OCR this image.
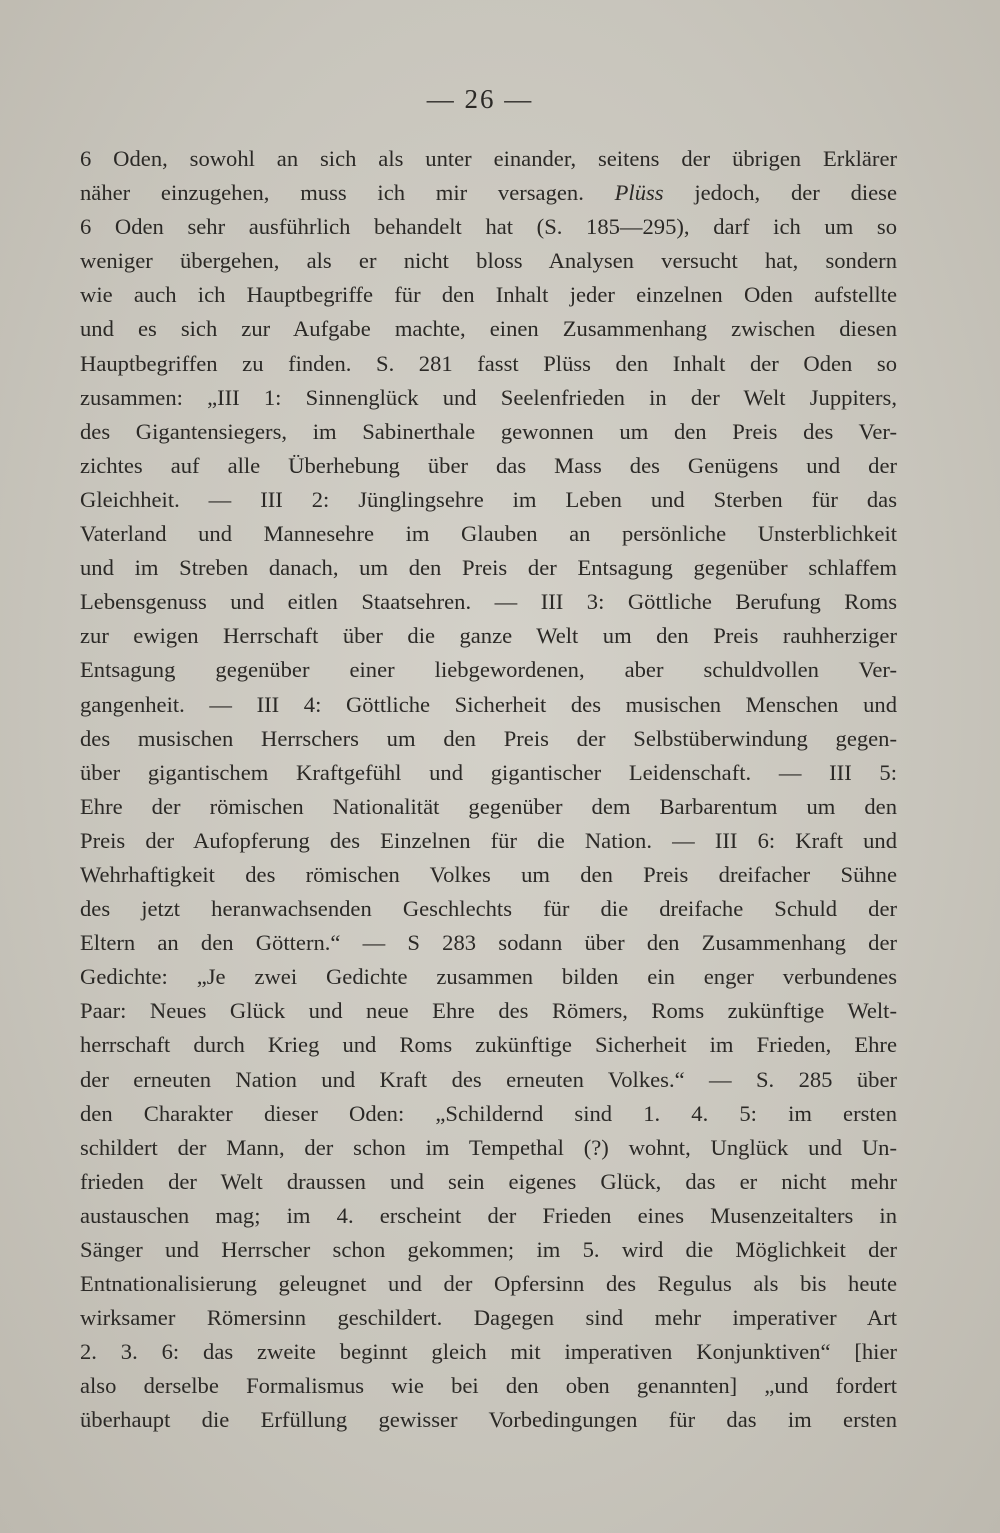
— 26 —
6 Oden, sowohl an sich als unter einander, seitens der übrigen Erklärer
näher einzugehen, muss ich mir versagen. Plüss jedoch, der diese
6 Oden sehr ausführlich behandelt hat (S. 185—295), darf ich um so
weniger übergehen, als er nicht bloss Analysen versucht hat, sondern
wie auch ich Hauptbegriffe für den Inhalt jeder einzelnen Oden aufstellte
und es sich zur Aufgabe machte, einen Zusammenhang zwischen diesen
Hauptbegriffen zu finden. S. 281 fasst Plüss den Inhalt der Oden so
zusammen: „III 1: Sinnenglück und Seelenfrieden in der Welt Juppiters,
des Gigantensiegers, im Sabinerthale gewonnen um den Preis des Ver-
zichtes auf alle Überhebung über das Mass des Genügens und der
Gleichheit. — III 2: Jünglingsehre im Leben und Sterben für das
Vaterland und Mannesehre im Glauben an persönliche Unsterblichkeit
und im Streben danach, um den Preis der Entsagung gegenüber schlaffem
Lebensgenuss und eitlen Staatsehren. — III 3: Göttliche Berufung Roms
zur ewigen Herrschaft über die ganze Welt um den Preis rauhherziger
Entsagung gegenüber einer liebgewordenen, aber schuldvollen Ver-
gangenheit. — III 4: Göttliche Sicherheit des musischen Menschen und
des musischen Herrschers um den Preis der Selbstüberwindung gegen-
über gigantischem Kraftgefühl und gigantischer Leidenschaft. — III 5:
Ehre der römischen Nationalität gegenüber dem Barbarentum um den
Preis der Aufopferung des Einzelnen für die Nation. — III 6: Kraft und
Wehrhaftigkeit des römischen Volkes um den Preis dreifacher Sühne
des jetzt heranwachsenden Geschlechts für die dreifache Schuld der
Eltern an den Göttern.“ — S 283 sodann über den Zusammenhang der
Gedichte: „Je zwei Gedichte zusammen bilden ein enger verbundenes
Paar: Neues Glück und neue Ehre des Römers, Roms zukünftige Welt-
herrschaft durch Krieg und Roms zukünftige Sicherheit im Frieden, Ehre
der erneuten Nation und Kraft des erneuten Volkes.“ — S. 285 über
den Charakter dieser Oden: „Schildernd sind 1. 4. 5: im ersten
schildert der Mann, der schon im Tempethal (?) wohnt, Unglück und Un-
frieden der Welt draussen und sein eigenes Glück, das er nicht mehr
austauschen mag; im 4. erscheint der Frieden eines Musenzeitalters in
Sänger und Herrscher schon gekommen; im 5. wird die Möglichkeit der
Entnationalisierung geleugnet und der Opfersinn des Regulus als bis heute
wirksamer Römersinn geschildert. Dagegen sind mehr imperativer Art
2. 3. 6: das zweite beginnt gleich mit imperativen Konjunktiven“ [hier
also derselbe Formalismus wie bei den oben genannten] „und fordert
überhaupt die Erfüllung gewisser Vorbedingungen für das im ersten
